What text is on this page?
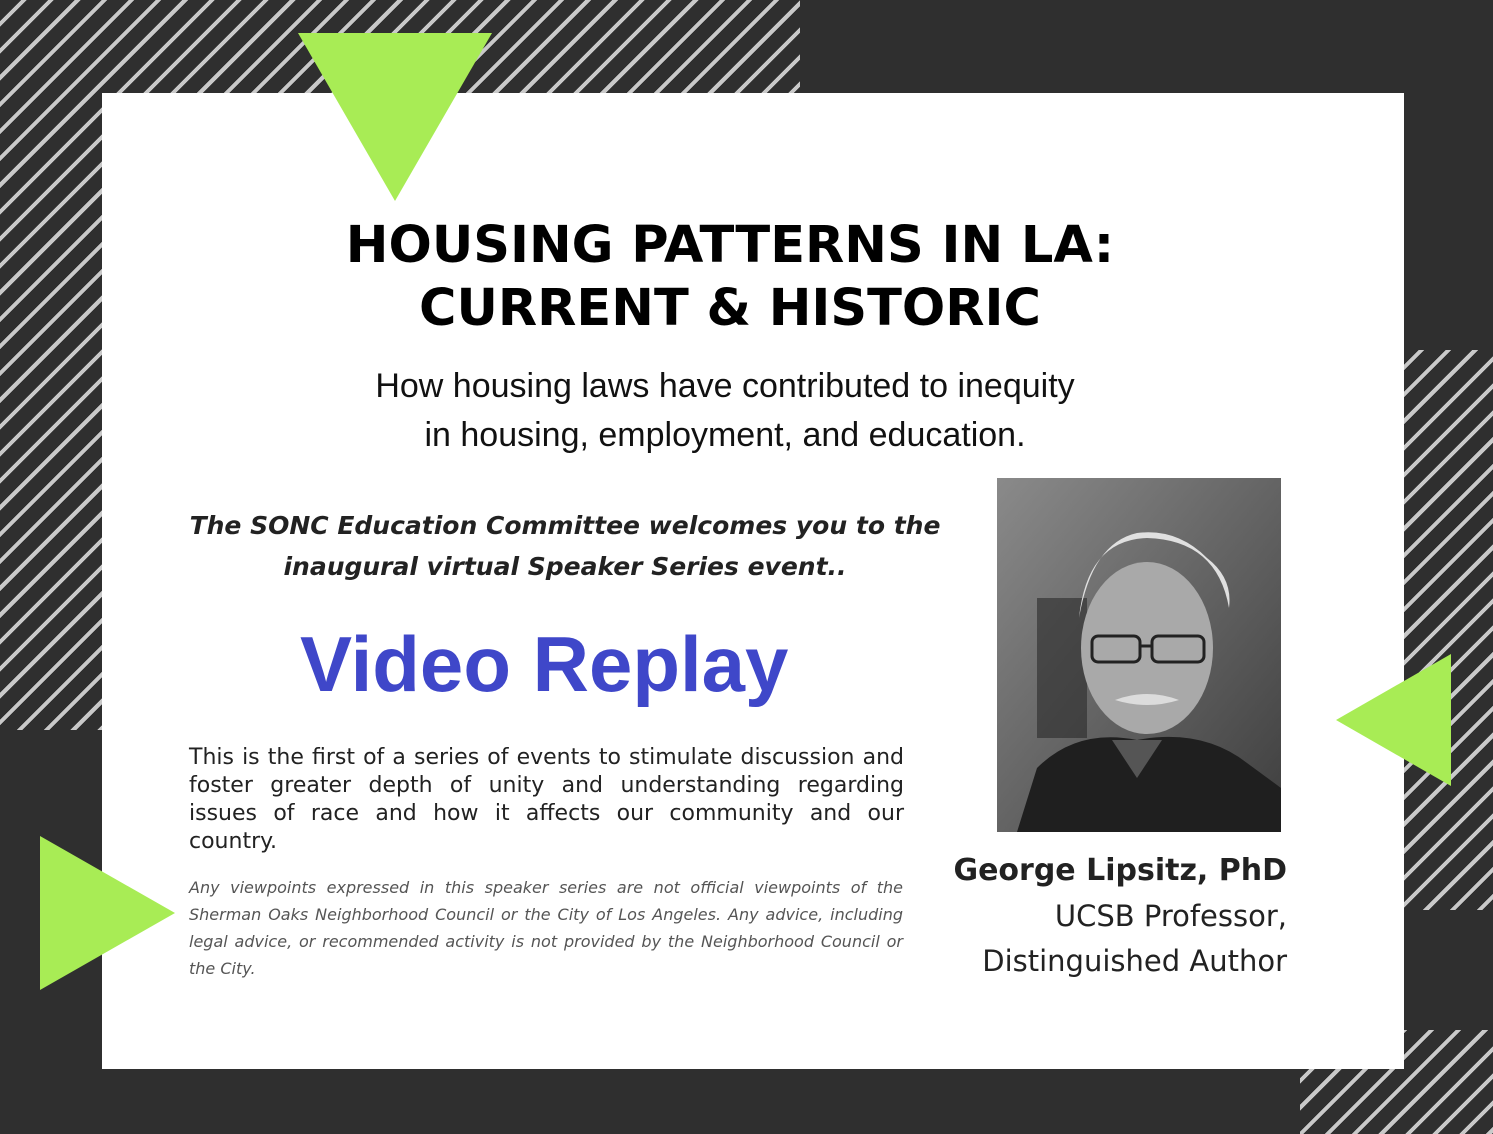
HOUSING PATTERNS IN LA:
CURRENT & HISTORIC

How housing laws have contributed to inequity
in housing, employment, and education.

The SONC Education Committee welcomes you to the
inaugural virtual Speaker Series event..

Video Replay

This is the first of a series of events to stimulate discussion and foster greater depth of unity and understanding regarding issues of race and how it affects our community and our country.

Any viewpoints expressed in this speaker series are not official viewpoints of the Sherman Oaks Neighborhood Council or the City of Los Angeles. Any advice, including legal advice, or recommended activity is not provided by the Neighborhood Council or the City.

George Lipsitz, PhD
UCSB Professor,
Distinguished Author
